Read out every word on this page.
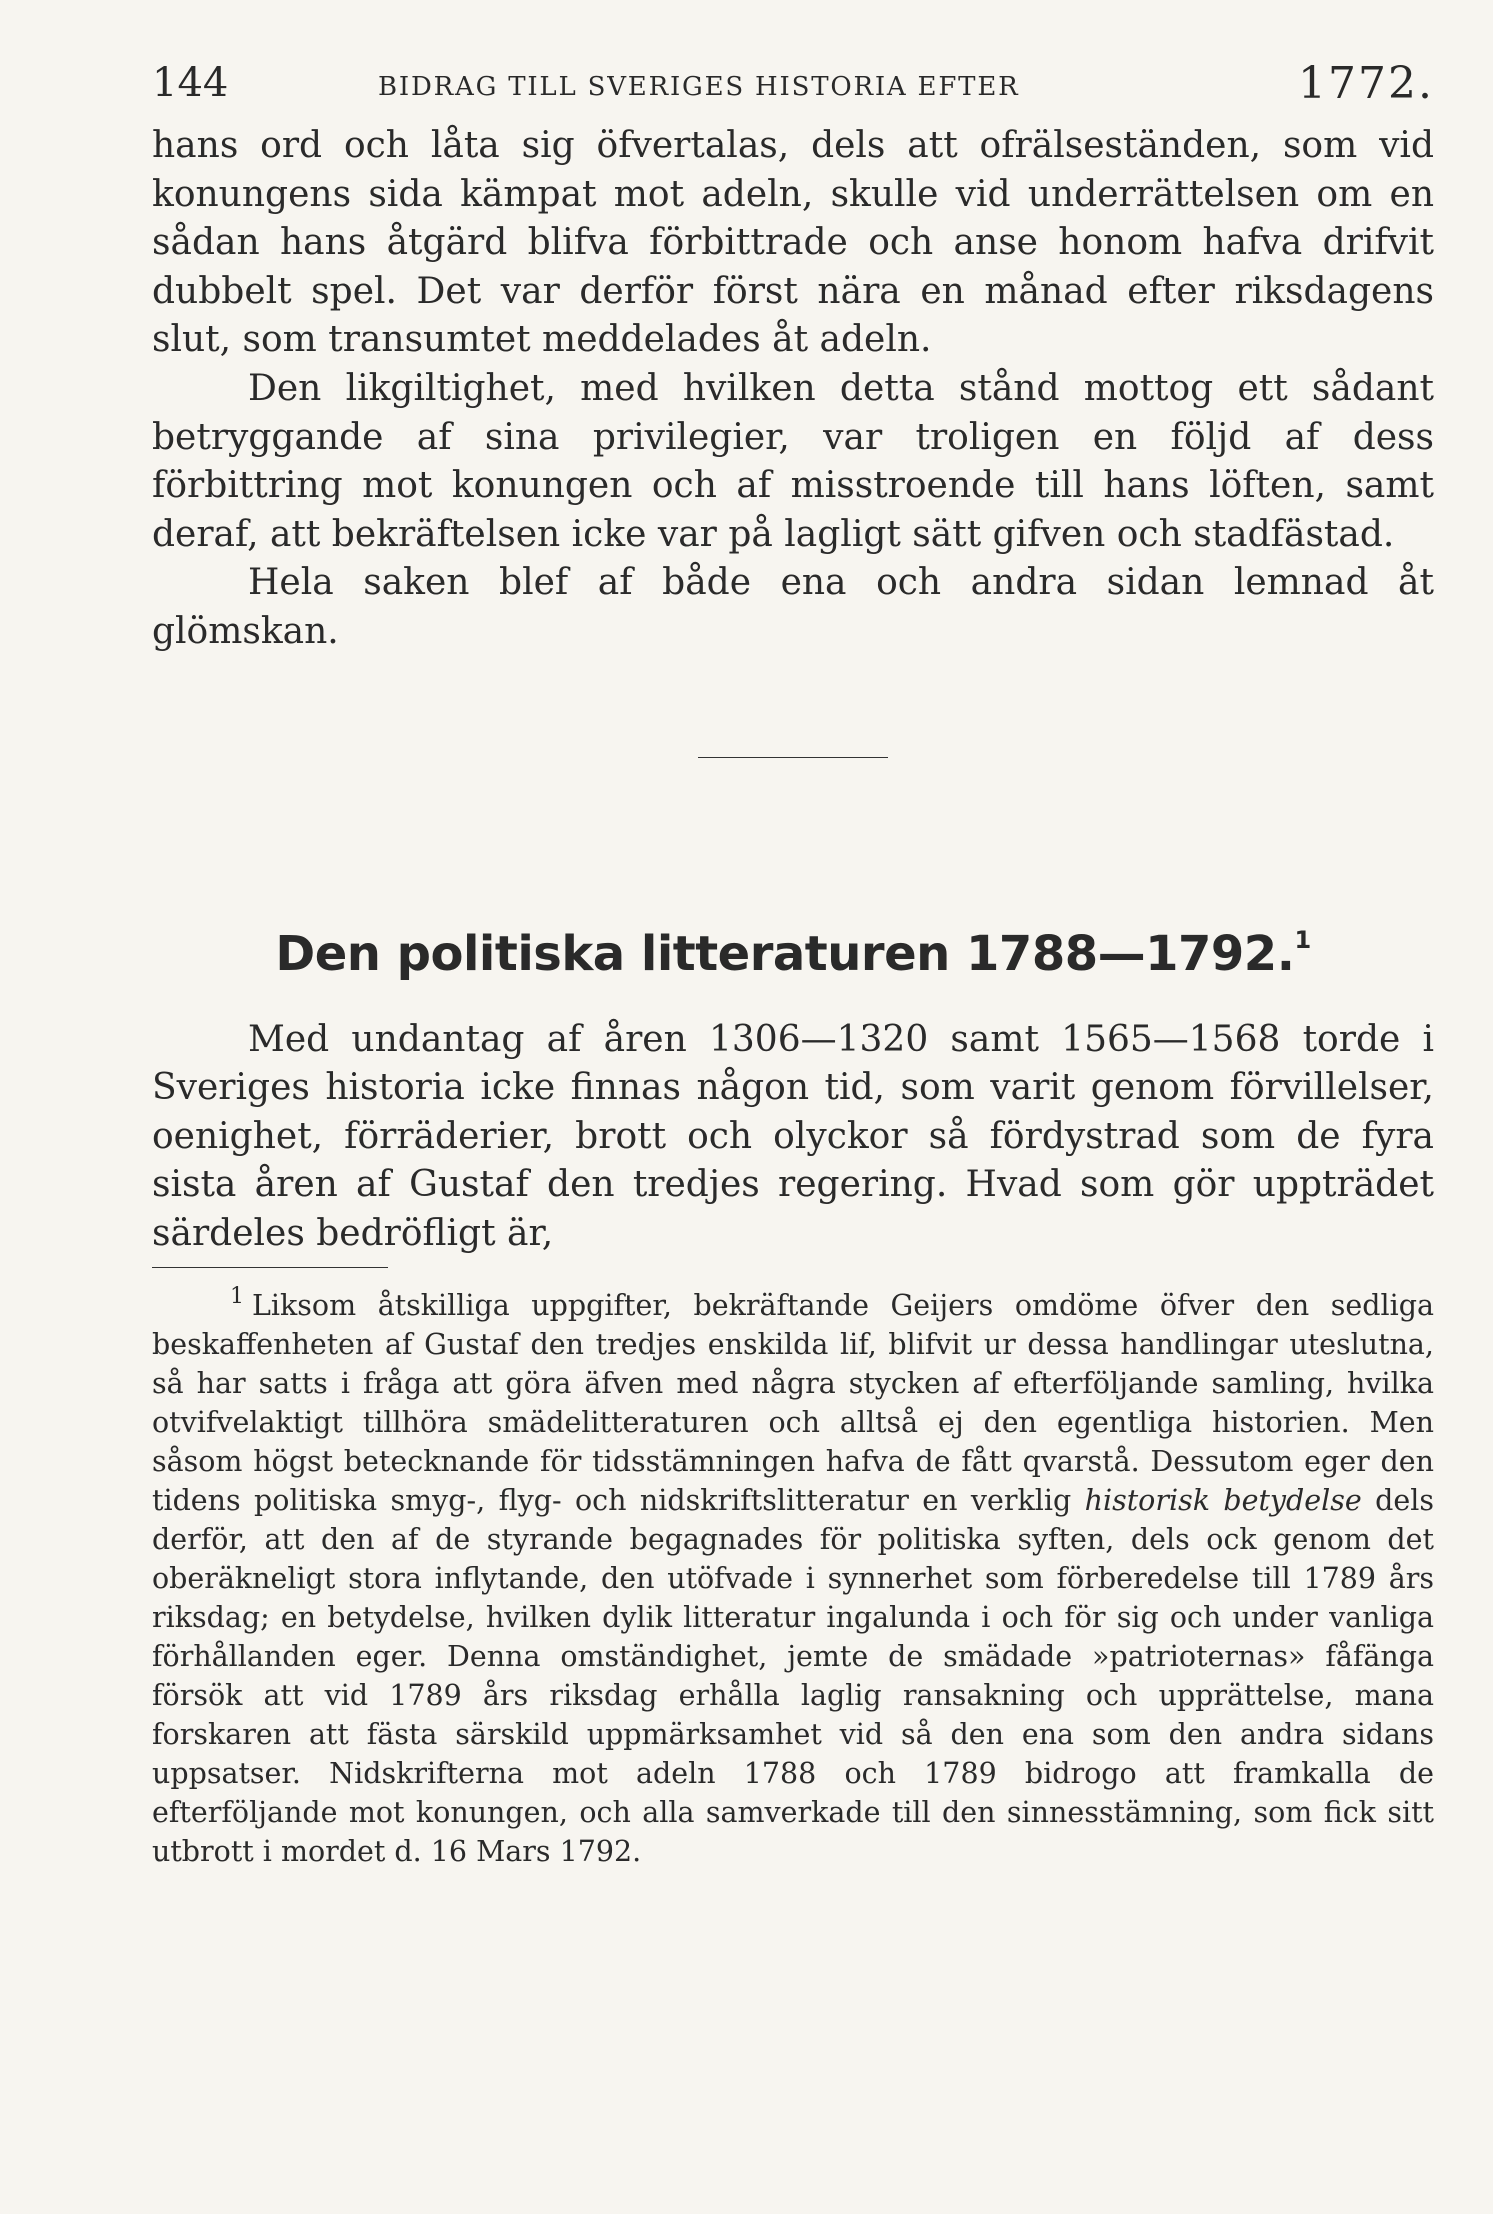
144	BIDRAG TILL SVERIGES HISTORIA EFTER	1772.

hans ord och låta sig öfvertalas, dels att ofrälseständen, som vid konungens sida kämpat mot adeln, skulle vid underrättelsen om en sådan hans åtgärd blifva förbittrade och anse honom hafva drifvit dubbelt spel. Det var derför först nära en månad efter riksdagens slut, som transumtet meddelades åt adeln.

Den likgiltighet, med hvilken detta stånd mottog ett sådant betryggande af sina privilegier, var troligen en följd af dess förbittring mot konungen och af misstroende till hans löften, samt deraf, att bekräftelsen icke var på lagligt sätt gifven och stadfästad.

Hela saken blef af både ena och andra sidan lemnad åt glömskan.

Den politiska litteraturen 1788—1792.$^1$

Med undantag af åren 1306—1320 samt 1565—1568 torde i Sveriges historia icke finnas någon tid, som varit genom förvillelser, oenighet, förräderier, brott och olyckor så fördystrad som de fyra sista åren af Gustaf den tredjes regering. Hvad som gör uppträdet särdeles bedröfligt är,

$^1$ Liksom åtskilliga uppgifter, bekräftande Geijers omdöme öfver den sedliga beskaffenheten af Gustaf den tredjes enskilda lif, blifvit ur dessa handlingar uteslutna, så har satts i fråga att göra äfven med några stycken af efterföljande samling, hvilka otvifvelaktigt tillhöra smädelitteraturen och alltså ej den egentliga historien. Men såsom högst betecknande för tidsstämningen hafva de fått qvarstå. Dessutom eger den tidens politiska smyg-, flyg- och nidskriftslitteratur en verklig historisk betydelse dels derför, att den af de styrande begagnades för politiska syften, dels ock genom det oberäkneligt stora inflytande, den utöfvade i synnerhet som förberedelse till 1789 års riksdag; en betydelse, hvilken dylik litteratur ingalunda i och för sig och under vanliga förhållanden eger. Denna omständighet, jemte de smädade »patrioternas» fåfänga försök att vid 1789 års riksdag erhålla laglig ransakning och upprättelse, mana forskaren att fästa särskild uppmärksamhet vid så den ena som den andra sidans uppsatser. Nidskrifterna mot adeln 1788 och 1789 bidrogo att framkalla de efterföljande mot konungen, och alla samverkade till den sinnesstämning, som fick sitt utbrott i mordet d. 16 Mars 1792.
